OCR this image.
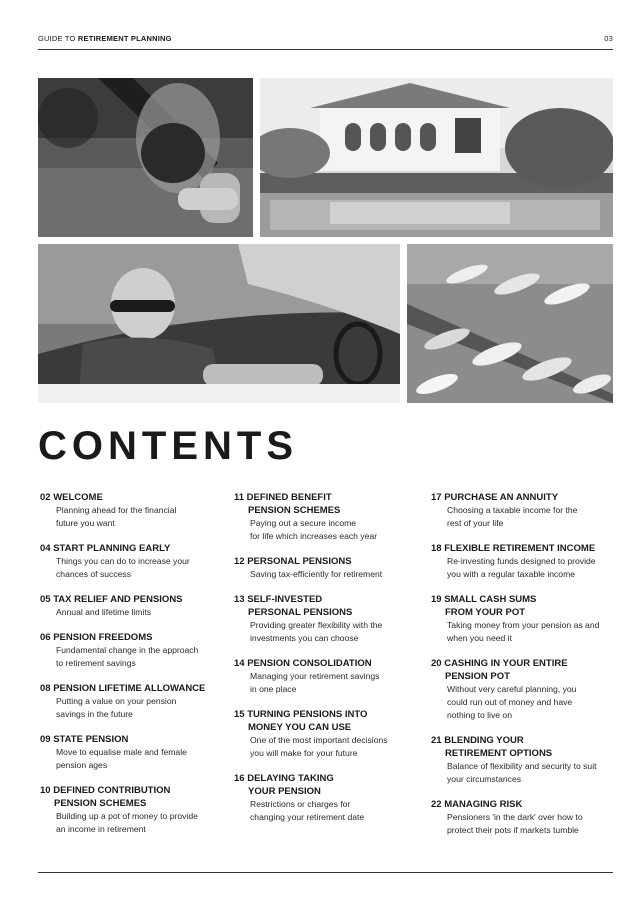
GUIDE TO RETIREMENT PLANNING	03
CONTENTS
02 WELCOME
Planning ahead for the financial
future you want
04 START PLANNING EARLY
Things you can do to increase your
chances of success
05 TAX RELIEF AND PENSIONS
Annual and lifetime limits
06 PENSION FREEDOMS
Fundamental change in the approach
to retirement savings
08 PENSION LIFETIME ALLOWANCE
Putting a value on your pension
savings in the future
09 STATE PENSION
Move to equalise male and female
pension ages
10 DEFINED CONTRIBUTION
PENSION SCHEMES
Building up a pot of money to provide
an income in retirement
11 DEFINED BENEFIT
PENSION SCHEMES
Paying out a secure income
for life which increases each year
12 PERSONAL PENSIONS
Saving tax-efficiently for retirement
13 SELF-INVESTED
PERSONAL PENSIONS
Providing greater flexibility with the
investments you can choose
14 PENSION CONSOLIDATION
Managing your retirement savings
in one place
15 TURNING PENSIONS INTO
MONEY YOU CAN USE
One of the most important decisions
you will make for your future
16 DELAYING TAKING
YOUR PENSION
Restrictions or charges for
changing your retirement date
17 PURCHASE AN ANNUITY
Choosing a taxable income for the
rest of your life
18 FLEXIBLE RETIREMENT INCOME
Re-investing funds designed to provide
you with a regular taxable income
19 SMALL CASH SUMS
FROM YOUR POT
Taking money from your pension as and
when you need it
20 CASHING IN YOUR ENTIRE
PENSION POT
Without very careful planning, you
could run out of money and have
nothing to live on
21 BLENDING YOUR
RETIREMENT OPTIONS
Balance of flexibility and security to suit
your circumstances
22 MANAGING RISK
Pensioners 'in the dark' over how to
protect their pots if markets tumble
